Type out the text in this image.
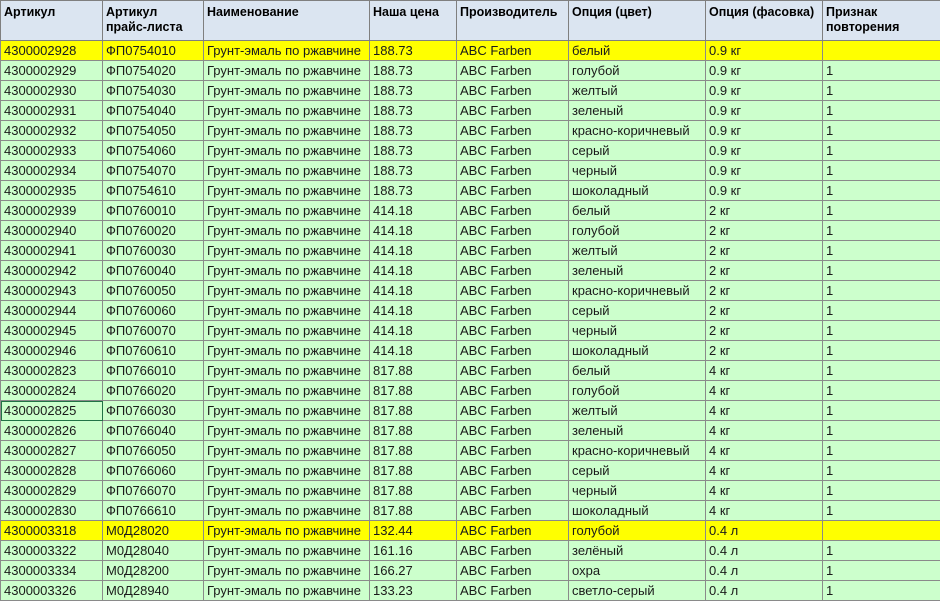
Артикул	Артикул прайс-листа	Наименование	Наша цена	Производитель	Опция (цвет)	Опция (фасовка)	Признак повторения
4300002928	ФП0754010	Грунт-эмаль по ржавчине	188.73	ABC Farben	белый	0.9 кг	
4300002929	ФП0754020	Грунт-эмаль по ржавчине	188.73	ABC Farben	голубой	0.9 кг	1
4300002930	ФП0754030	Грунт-эмаль по ржавчине	188.73	ABC Farben	желтый	0.9 кг	1
4300002931	ФП0754040	Грунт-эмаль по ржавчине	188.73	ABC Farben	зеленый	0.9 кг	1
4300002932	ФП0754050	Грунт-эмаль по ржавчине	188.73	ABC Farben	красно-коричневый	0.9 кг	1
4300002933	ФП0754060	Грунт-эмаль по ржавчине	188.73	ABC Farben	серый	0.9 кг	1
4300002934	ФП0754070	Грунт-эмаль по ржавчине	188.73	ABC Farben	черный	0.9 кг	1
4300002935	ФП0754610	Грунт-эмаль по ржавчине	188.73	ABC Farben	шоколадный	0.9 кг	1
4300002939	ФП0760010	Грунт-эмаль по ржавчине	414.18	ABC Farben	белый	2 кг	1
4300002940	ФП0760020	Грунт-эмаль по ржавчине	414.18	ABC Farben	голубой	2 кг	1
4300002941	ФП0760030	Грунт-эмаль по ржавчине	414.18	ABC Farben	желтый	2 кг	1
4300002942	ФП0760040	Грунт-эмаль по ржавчине	414.18	ABC Farben	зеленый	2 кг	1
4300002943	ФП0760050	Грунт-эмаль по ржавчине	414.18	ABC Farben	красно-коричневый	2 кг	1
4300002944	ФП0760060	Грунт-эмаль по ржавчине	414.18	ABC Farben	серый	2 кг	1
4300002945	ФП0760070	Грунт-эмаль по ржавчине	414.18	ABC Farben	черный	2 кг	1
4300002946	ФП0760610	Грунт-эмаль по ржавчине	414.18	ABC Farben	шоколадный	2 кг	1
4300002823	ФП0766010	Грунт-эмаль по ржавчине	817.88	ABC Farben	белый	4 кг	1
4300002824	ФП0766020	Грунт-эмаль по ржавчине	817.88	ABC Farben	голубой	4 кг	1
4300002825	ФП0766030	Грунт-эмаль по ржавчине	817.88	ABC Farben	желтый	4 кг	1
4300002826	ФП0766040	Грунт-эмаль по ржавчине	817.88	ABC Farben	зеленый	4 кг	1
4300002827	ФП0766050	Грунт-эмаль по ржавчине	817.88	ABC Farben	красно-коричневый	4 кг	1
4300002828	ФП0766060	Грунт-эмаль по ржавчине	817.88	ABC Farben	серый	4 кг	1
4300002829	ФП0766070	Грунт-эмаль по ржавчине	817.88	ABC Farben	черный	4 кг	1
4300002830	ФП0766610	Грунт-эмаль по ржавчине	817.88	ABC Farben	шоколадный	4 кг	1
4300003318	М0Д28020	Грунт-эмаль по ржавчине	132.44	ABC Farben	голубой	0.4 л	
4300003322	М0Д28040	Грунт-эмаль по ржавчине	161.16	ABC Farben	зелёный	0.4 л	1
4300003334	М0Д28200	Грунт-эмаль по ржавчине	166.27	ABC Farben	охра	0.4 л	1
4300003326	М0Д28940	Грунт-эмаль по ржавчине	133.23	ABC Farben	светло-серый	0.4 л	1
